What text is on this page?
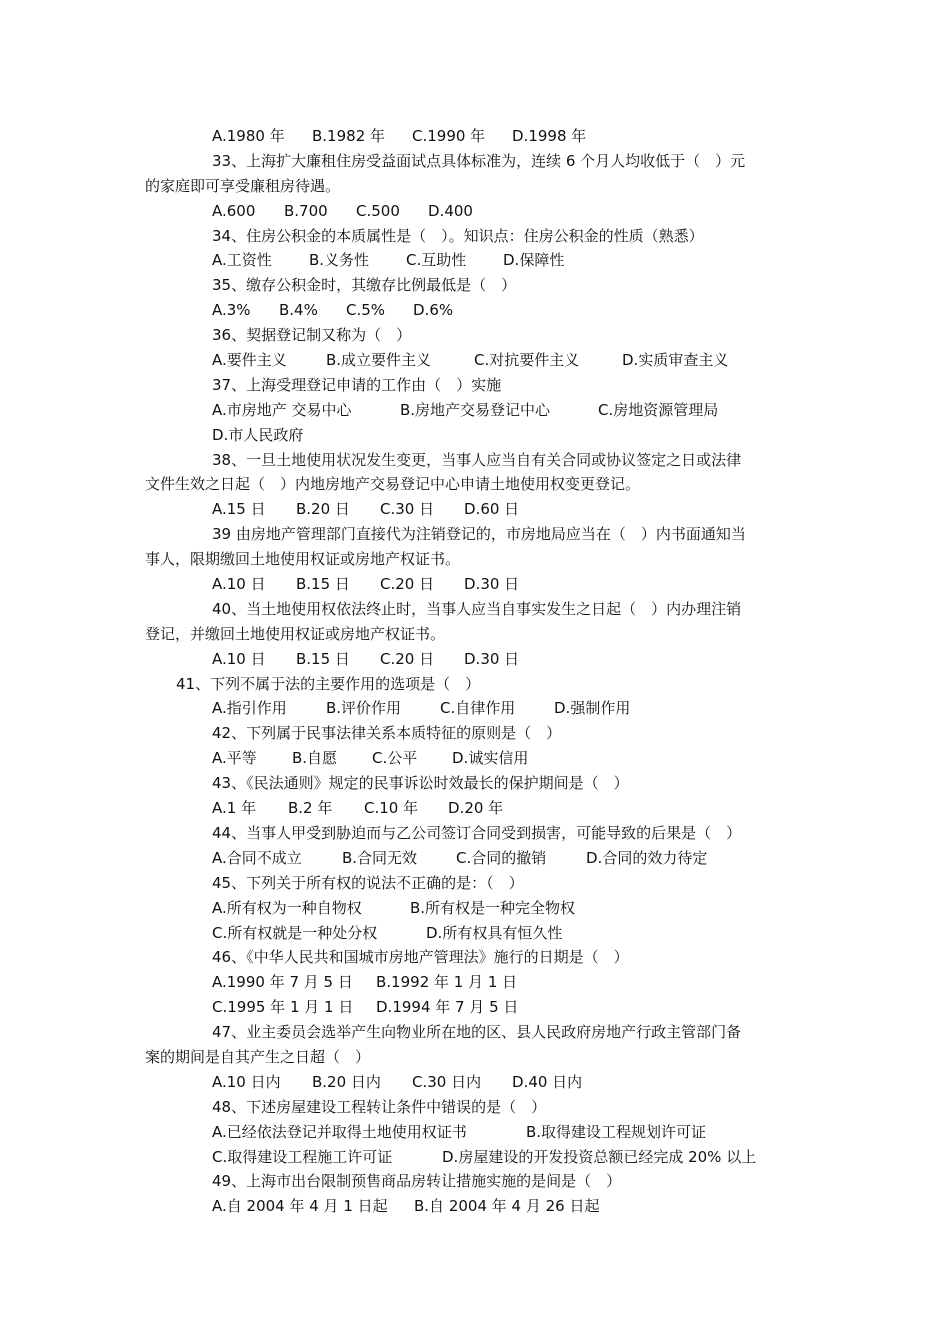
A.1980 年 B.1982 年 C.1990 年 D.1998 年
33、上海扩大廉租住房受益面试点具体标准为，连续 6 个月人均收低于（　）元
的家庭即可享受廉租房待遇。
A.600 B.700 C.500 D.400
34、住房公积金的本质属性是（　）。知识点：住房公积金的性质（熟悉）
A.工资性 B.义务性 C.互助性 D.保障性
35、缴存公积金时，其缴存比例最低是（　）
A.3% B.4% C.5% D.6%
36、契据登记制又称为（　）
A.要件主义	B.成立要件主义	C.对抗要件主义	D.实质审查主义
37、上海受理登记申请的工作由（　）实施
A.市房地产 交易中心	B.房地产交易登记中心	C.房地资源管理局
D.市人民政府
38、一旦土地使用状况发生变更，当事人应当自有关合同或协议签定之日或法律
文件生效之日起（　）内地房地产交易登记中心申请土地使用权变更登记。
A.15 日 B.20 日 C.30 日 D.60 日
39 由房地产管理部门直接代为注销登记的，市房地局应当在（　）内书面通知当
事人，限期缴回土地使用权证或房地产权证书。
A.10 日 B.15 日 C.20 日 D.30 日
40、当土地使用权依法终止时，当事人应当自事实发生之日起（　）内办理注销
登记，并缴回土地使用权证或房地产权证书。
A.10 日 B.15 日 C.20 日 D.30 日
41、下列不属于法的主要作用的选项是（　）
A.指引作用	B.评价作用	C.自律作用	D.强制作用
42、下列属于民事法律关系本质特征的原则是（　）
A.平等 B.自愿 C.公平 D.诚实信用
43、《民法通则》规定的民事诉讼时效最长的保护期间是（　）
A.1 年 B.2 年 C.10 年 D.20 年
44、当事人甲受到胁迫而与乙公司签订合同受到损害，可能导致的后果是（　）
A.合同不成立	B.合同无效	C.合同的撤销	D.合同的效力待定
45、下列关于所有权的说法不正确的是：（　）
A.所有权为一种自物权	B.所有权是一种完全物权
C.所有权就是一种处分权	D.所有权具有恒久性
46、《中华人民共和国城市房地产管理法》施行的日期是（　）
A.1990 年 7 月 5 日 B.1992 年 1 月 1 日
C.1995 年 1 月 1 日 D.1994 年 7 月 5 日
47、业主委员会选举产生向物业所在地的区、县人民政府房地产行政主管部门备
案的期间是自其产生之日超（　）
A.10 日内 B.20 日内 C.30 日内 D.40 日内
48、下述房屋建设工程转让条件中错误的是（　）
A.已经依法登记并取得土地使用权证书	B.取得建设工程规划许可证
C.取得建设工程施工许可证	D.房屋建设的开发投资总额已经完成 20% 以上
49、上海市出台限制预售商品房转让措施实施的是间是（　）
A.自 2004 年 4 月 1 日起 B.自 2004 年 4 月 26 日起
